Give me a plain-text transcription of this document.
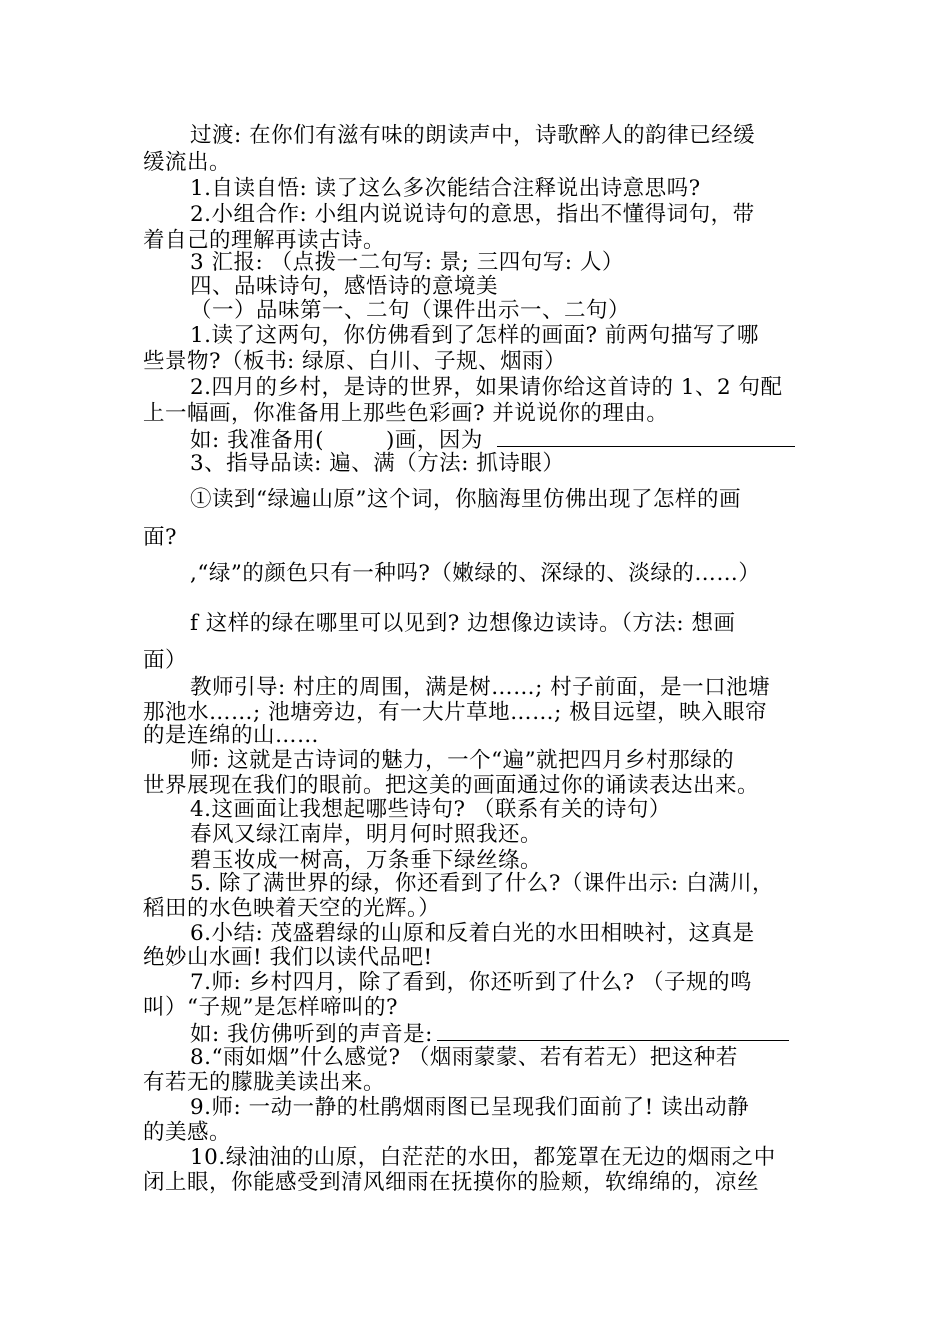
过渡: 在你们有滋有味的朗读声中，诗歌醉人的韵律已经缓
缓流出。
1.自读自悟: 读了这么多次能结合注释说出诗意思吗?
2.小组合作: 小组内说说诗句的意思，指出不懂得词句，带
着自己的理解再读古诗。
3 汇报: （点拨一二句写: 景; 三四句写: 人）
四、品味诗句，感悟诗的意境美
（一）品味第一、二句（课件出示一、二句）
1.读了这两句，你仿佛看到了怎样的画面? 前两句描写了哪
些景物?（板书: 绿原、白川、子规、烟雨）
2.四月的乡村，是诗的世界，如果请你给这首诗的 1、2 句配
上一幅画，你准备用上那些色彩画? 并说说你的理由。
如: 我准备用(	)画，因为
3、指导品读: 遍、满（方法: 抓诗眼）
①读到“绿遍山原”这个词，你脑海里仿佛出现了怎样的画
面?
,“绿”的颜色只有一种吗?（嫩绿的、深绿的、淡绿的……）
f 这样的绿在哪里可以见到? 边想像边读诗。（方法: 想画
面）
教师引导: 村庄的周围，满是树……; 村子前面，是一口池塘
那池水……; 池塘旁边，有一大片草地……; 极目远望，映入眼帘
的是连绵的山……
师: 这就是古诗词的魅力，一个“遍”就把四月乡村那绿的
世界展现在我们的眼前。把这美的画面通过你的诵读表达出来。
4.这画面让我想起哪些诗句? （联系有关的诗句）
春风又绿江南岸，明月何时照我还。
碧玉妆成一树高，万条垂下绿丝绦。
5. 除了满世界的绿，你还看到了什么?（课件出示: 白满川，
稻田的水色映着天空的光辉。）
6.小结: 茂盛碧绿的山原和反着白光的水田相映衬，这真是
绝妙山水画! 我们以读代品吧!
7.师: 乡村四月，除了看到，你还听到了什么? （子规的鸣
叫）“子规”是怎样啼叫的?
如: 我仿佛听到的声音是:
8.“雨如烟”什么感觉? （烟雨蒙蒙、若有若无）把这种若
有若无的朦胧美读出来。
9.师: 一动一静的杜鹃烟雨图已呈现我们面前了! 读出动静
的美感。
10.绿油油的山原，白茫茫的水田，都笼罩在无边的烟雨之中
闭上眼，你能感受到清风细雨在抚摸你的脸颊，软绵绵的，凉丝
